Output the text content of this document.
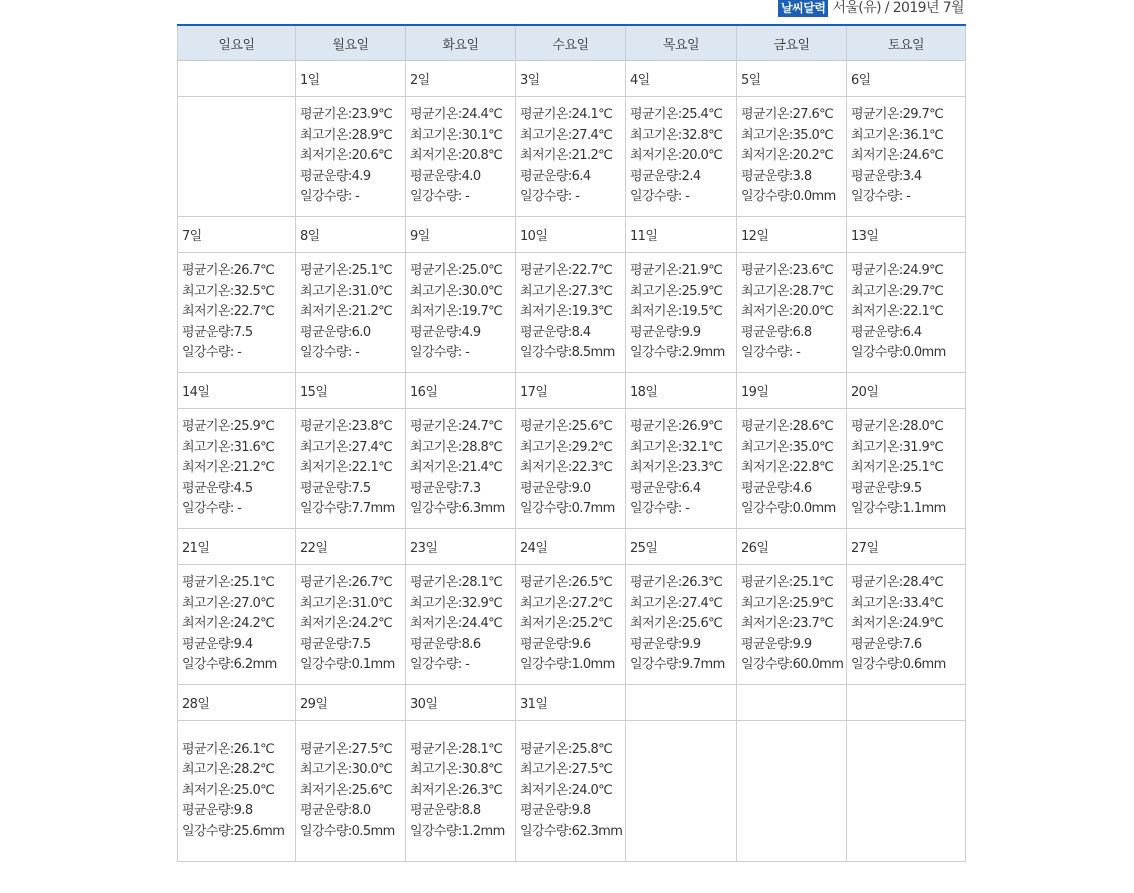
날씨달력 서울(유) / 2019년 7월
일요일	월요일	화요일	수요일	목요일	금요일	토요일
	1일	2일	3일	4일	5일	6일

	평균기온:23.9℃
최고기온:28.9℃
최저기온:20.6℃
평균운량:4.9
일강수량: -	평균기온:24.4℃
최고기온:30.1℃
최저기온:20.8℃
평균운량:4.0
일강수량: -	평균기온:24.1℃
최고기온:27.4℃
최저기온:21.2℃
평균운량:6.4
일강수량: -	평균기온:25.4℃
최고기온:32.8℃
최저기온:20.0℃
평균운량:2.4
일강수량: -	평균기온:27.6℃
최고기온:35.0℃
최저기온:20.2℃
평균운량:3.8
일강수량:0.0mm	평균기온:29.7℃
최고기온:36.1℃
최저기온:24.6℃
평균운량:3.4
일강수량: -

7일	8일	9일	10일	11일	12일	13일

평균기온:26.7℃
최고기온:32.5℃
최저기온:22.7℃
평균운량:7.5
일강수량: -	평균기온:25.1℃
최고기온:31.0℃
최저기온:21.2℃
평균운량:6.0
일강수량: -	평균기온:25.0℃
최고기온:30.0℃
최저기온:19.7℃
평균운량:4.9
일강수량: -	평균기온:22.7℃
최고기온:27.3℃
최저기온:19.3℃
평균운량:8.4
일강수량:8.5mm	평균기온:21.9℃
최고기온:25.9℃
최저기온:19.5℃
평균운량:9.9
일강수량:2.9mm	평균기온:23.6℃
최고기온:28.7℃
최저기온:20.0℃
평균운량:6.8
일강수량: -	평균기온:24.9℃
최고기온:29.7℃
최저기온:22.1℃
평균운량:6.4
일강수량:0.0mm

14일	15일	16일	17일	18일	19일	20일

평균기온:25.9℃
최고기온:31.6℃
최저기온:21.2℃
평균운량:4.5
일강수량: -	평균기온:23.8℃
최고기온:27.4℃
최저기온:22.1℃
평균운량:7.5
일강수량:7.7mm	평균기온:24.7℃
최고기온:28.8℃
최저기온:21.4℃
평균운량:7.3
일강수량:6.3mm	평균기온:25.6℃
최고기온:29.2℃
최저기온:22.3℃
평균운량:9.0
일강수량:0.7mm	평균기온:26.9℃
최고기온:32.1℃
최저기온:23.3℃
평균운량:6.4
일강수량: -	평균기온:28.6℃
최고기온:35.0℃
최저기온:22.8℃
평균운량:4.6
일강수량:0.0mm	평균기온:28.0℃
최고기온:31.9℃
최저기온:25.1℃
평균운량:9.5
일강수량:1.1mm

21일	22일	23일	24일	25일	26일	27일

평균기온:25.1℃
최고기온:27.0℃
최저기온:24.2℃
평균운량:9.4
일강수량:6.2mm	평균기온:26.7℃
최고기온:31.0℃
최저기온:24.2℃
평균운량:7.5
일강수량:0.1mm	평균기온:28.1℃
최고기온:32.9℃
최저기온:24.4℃
평균운량:8.6
일강수량: -	평균기온:26.5℃
최고기온:27.2℃
최저기온:25.2℃
평균운량:9.6
일강수량:1.0mm	평균기온:26.3℃
최고기온:27.4℃
최저기온:25.6℃
평균운량:9.9
일강수량:9.7mm	평균기온:25.1℃
최고기온:25.9℃
최저기온:23.7℃
평균운량:9.9
일강수량:60.0mm	평균기온:28.4℃
최고기온:33.4℃
최저기온:24.9℃
평균운량:7.6
일강수량:0.6mm

28일	29일	30일	31일			

평균기온:26.1℃
최고기온:28.2℃
최저기온:25.0℃
평균운량:9.8
일강수량:25.6mm	평균기온:27.5℃
최고기온:30.0℃
최저기온:25.6℃
평균운량:8.0
일강수량:0.5mm	평균기온:28.1℃
최고기온:30.8℃
최저기온:26.3℃
평균운량:8.8
일강수량:1.2mm	평균기온:25.8℃
최고기온:27.5℃
최저기온:24.0℃
평균운량:9.8
일강수량:62.3mm			
